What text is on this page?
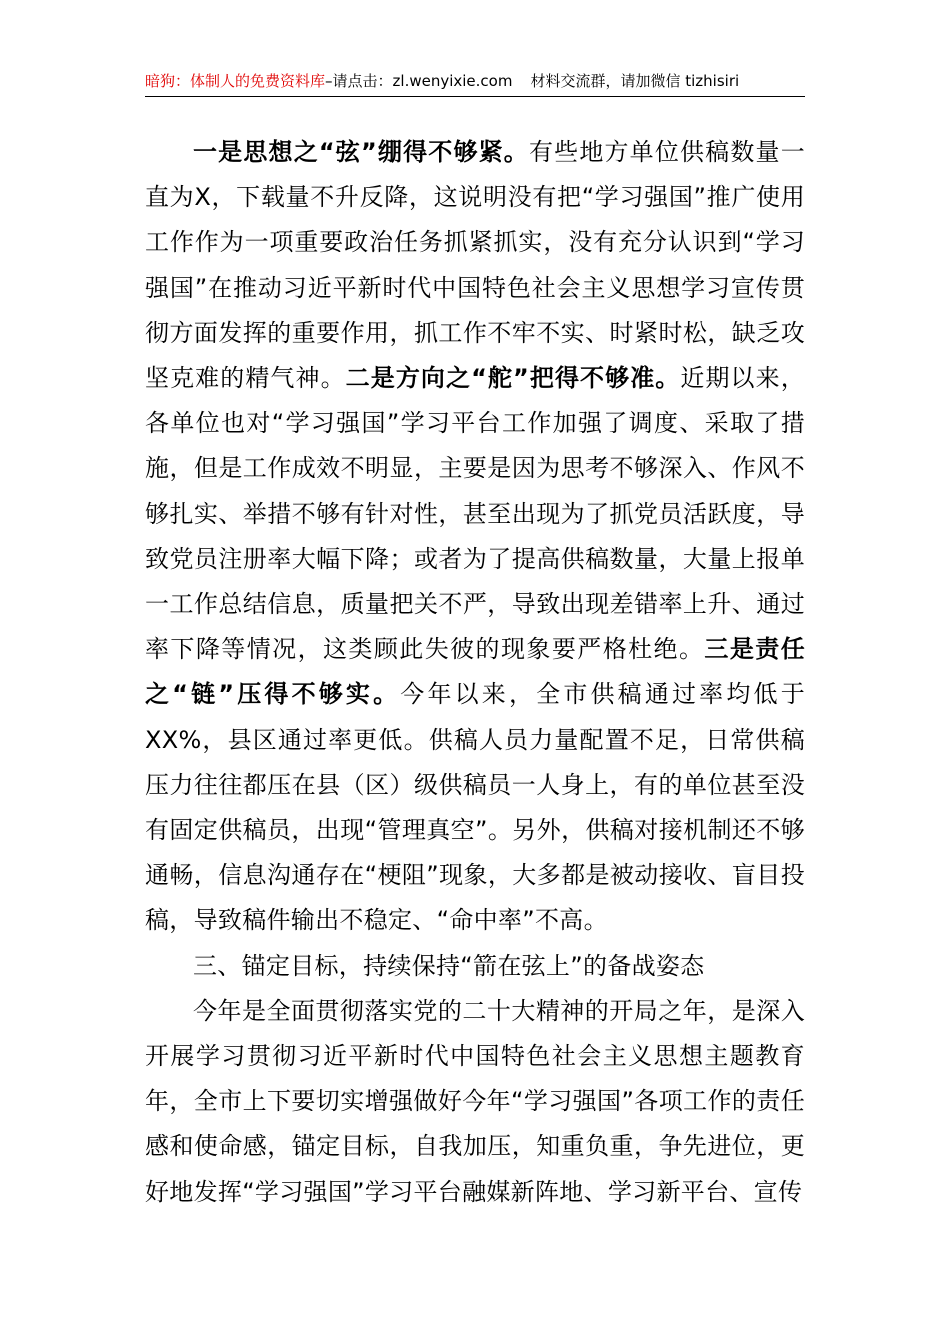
暗狗：体制人的免费资料库–请点击：zl.wenyixie.com 材料交流群，请加微信 tizhisiri

一是思想之“弦”绷得不够紧。有些地方单位供稿数量一直为X，下载量不升反降，这说明没有把“学习强国”推广使用工作作为一项重要政治任务抓紧抓实，没有充分认识到“学习强国”在推动习近平新时代中国特色社会主义思想学习宣传贯彻方面发挥的重要作用，抓工作不牢不实、时紧时松，缺乏攻坚克难的精气神。二是方向之“舵”把得不够准。近期以来，各单位也对“学习强国”学习平台工作加强了调度、采取了措施，但是工作成效不明显，主要是因为思考不够深入、作风不够扎实、举措不够有针对性，甚至出现为了抓党员活跃度，导致党员注册率大幅下降；或者为了提高供稿数量，大量上报单一工作总结信息，质量把关不严，导致出现差错率上升、通过率下降等情况，这类顾此失彼的现象要严格杜绝。三是责任之“链”压得不够实。今年以来，全市供稿通过率均低于XX%，县区通过率更低。供稿人员力量配置不足，日常供稿压力往往都压在县（区）级供稿员一人身上，有的单位甚至没有固定供稿员，出现“管理真空”。另外，供稿对接机制还不够通畅，信息沟通存在“梗阻”现象，大多都是被动接收、盲目投稿，导致稿件输出不稳定、“命中率”不高。

三、锚定目标，持续保持“箭在弦上”的备战姿态

今年是全面贯彻落实党的二十大精神的开局之年，是深入开展学习贯彻习近平新时代中国特色社会主义思想主题教育年，全市上下要切实增强做好今年“学习强国”各项工作的责任感和使命感，锚定目标，自我加压，知重负重，争先进位，更好地发挥“学习强国”学习平台融媒新阵地、学习新平台、宣传
